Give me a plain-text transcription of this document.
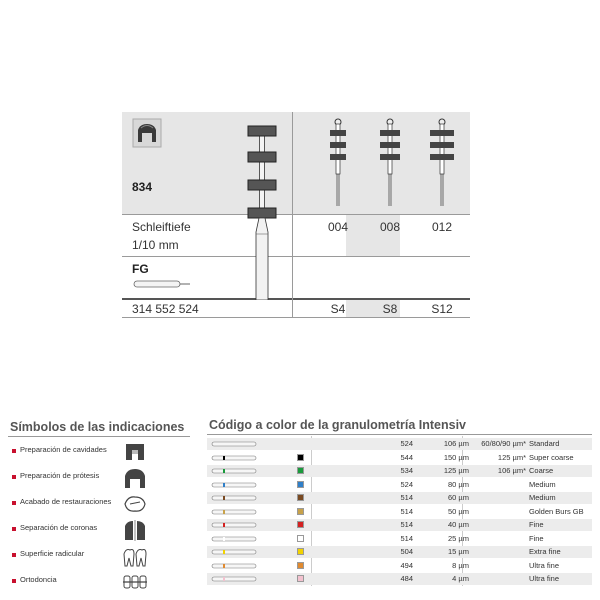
834
Schleiftiefe
1/10 mm
FG
314 552 524
004	008	012
S4	S8	S12
Símbolos de las indicaciones
Preparación de cavidades
Preparación de prótesis
Acabado de restauraciones
Separación de coronas
Superficie radicular
Ortodoncia
Código a color de la granulometría Intensiv
524	106 µm	60/80/90 µm* Standard
544	150 µm	125 µm* Super coarse
534	125 µm	106 µm* Coarse
524	80 µm	Medium
514	60 µm	Medium
514	50 µm	Golden Burs GB
514	40 µm	Fine
514	25 µm	Fine
504	15 µm	Extra fine
494	8 µm	Ultra fine
484	4 µm	Ultra fine
